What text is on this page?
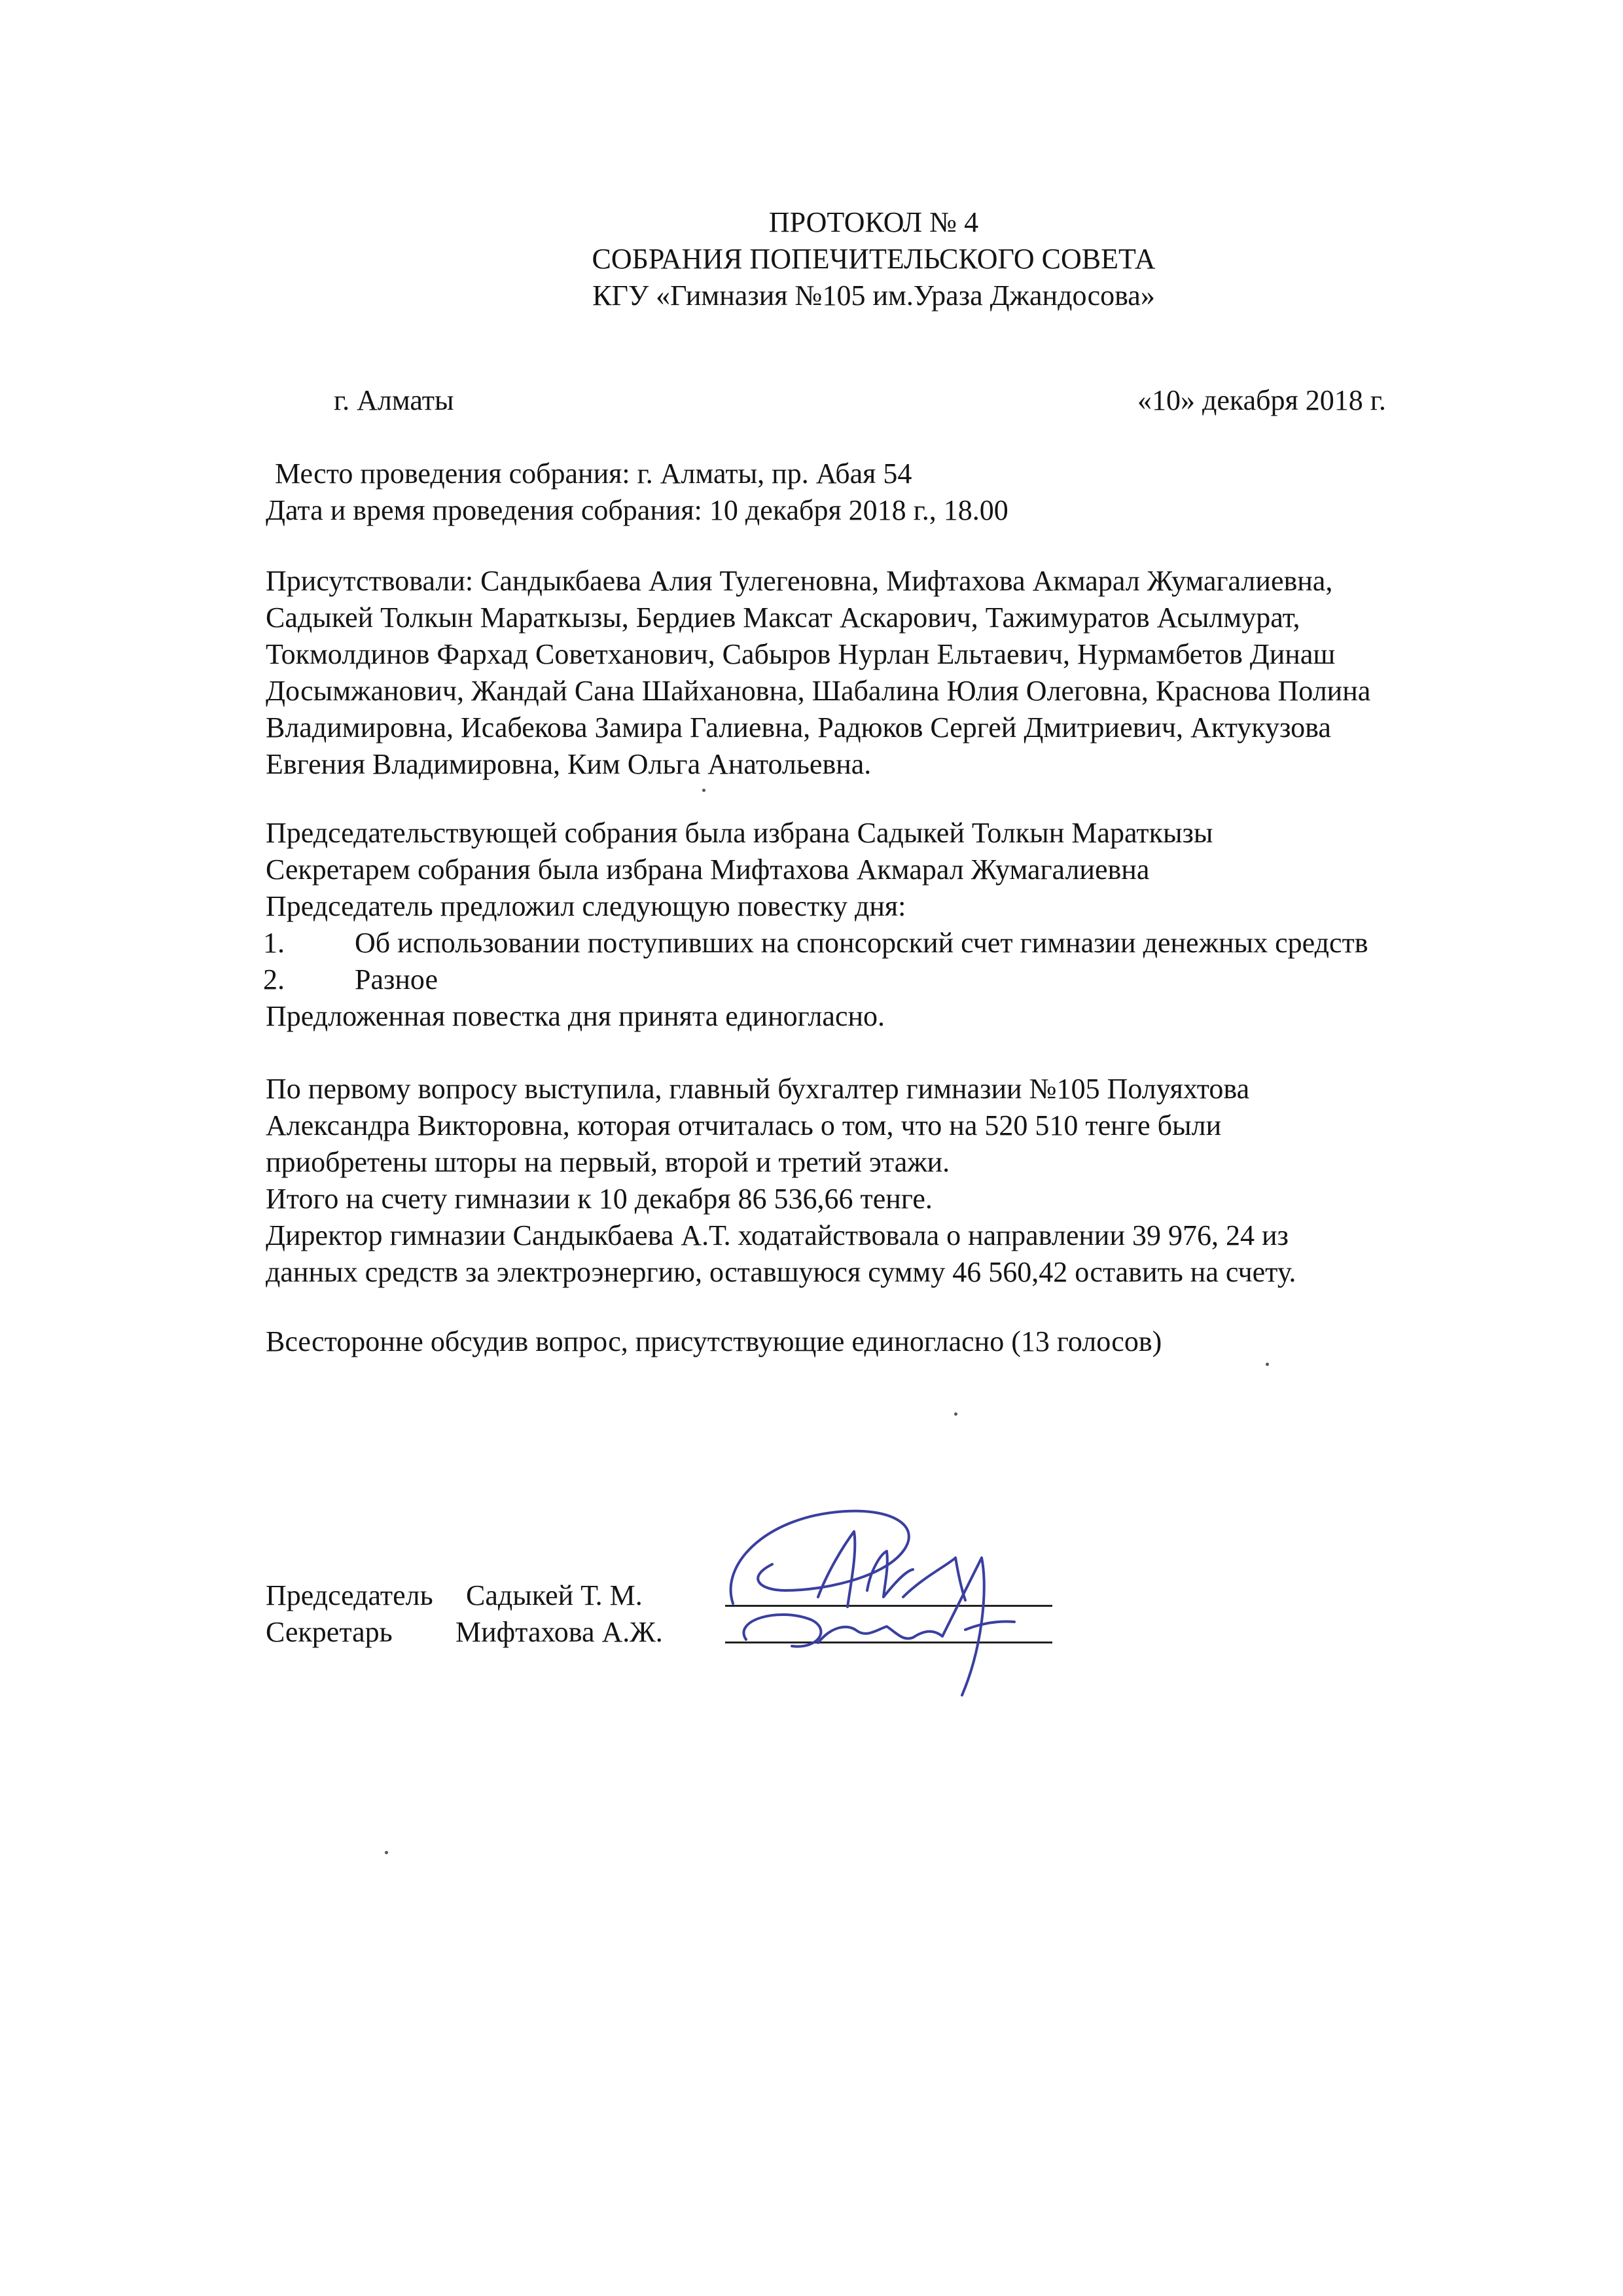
ПРОТОКОЛ № 4
СОБРАНИЯ ПОПЕЧИТЕЛЬСКОГО СОВЕТА
КГУ «Гимназия №105 им.Ураза Джандосова»
г. Алматы	«10» декабря 2018 г.
Место проведения собрания: г. Алматы, пр. Абая 54
Дата и время проведения собрания: 10 декабря 2018 г., 18.00
Присутствовали: Сандыкбаева Алия Тулегеновна, Мифтахова Акмарал Жумагалиевна,
Садыкей Толкын Мараткызы, Бердиев Максат Аскарович, Тажимуратов Асылмурат,
Токмолдинов Фархад Советханович, Сабыров Нурлан Ельтаевич, Нурмамбетов Динаш
Досымжанович, Жандай Сана Шайхановна, Шабалина Юлия Олеговна, Краснова Полина
Владимировна, Исабекова Замира Галиевна, Радюков Сергей Дмитриевич, Актукузова
Евгения Владимировна, Ким Ольга Анатольевна.
Председательствующей собрания была избрана Садыкей Толкын Мараткызы
Секретарем собрания была избрана Мифтахова Акмарал Жумагалиевна
Председатель предложил следующую повестку дня:
1. Об использовании поступивших на спонсорский счет гимназии денежных средств
2. Разное
Предложенная повестка дня принята единогласно.
По первому вопросу выступила, главный бухгалтер гимназии №105 Полуяхтова
Александра Викторовна, которая отчиталась о том, что на 520 510 тенге были
приобретены шторы на первый, второй и третий этажи.
Итого на счету гимназии к 10 декабря 86 536,66 тенге.
Директор гимназии Сандыкбаева А.Т. ходатайствовала о направлении 39 976, 24 из
данных средств за электроэнергию, оставшуюся сумму 46 560,42 оставить на счету.
Всесторонне обсудив вопрос, присутствующие единогласно (13 голосов)
Председатель Садыкей Т. М.
Секретарь Мифтахова А.Ж.
